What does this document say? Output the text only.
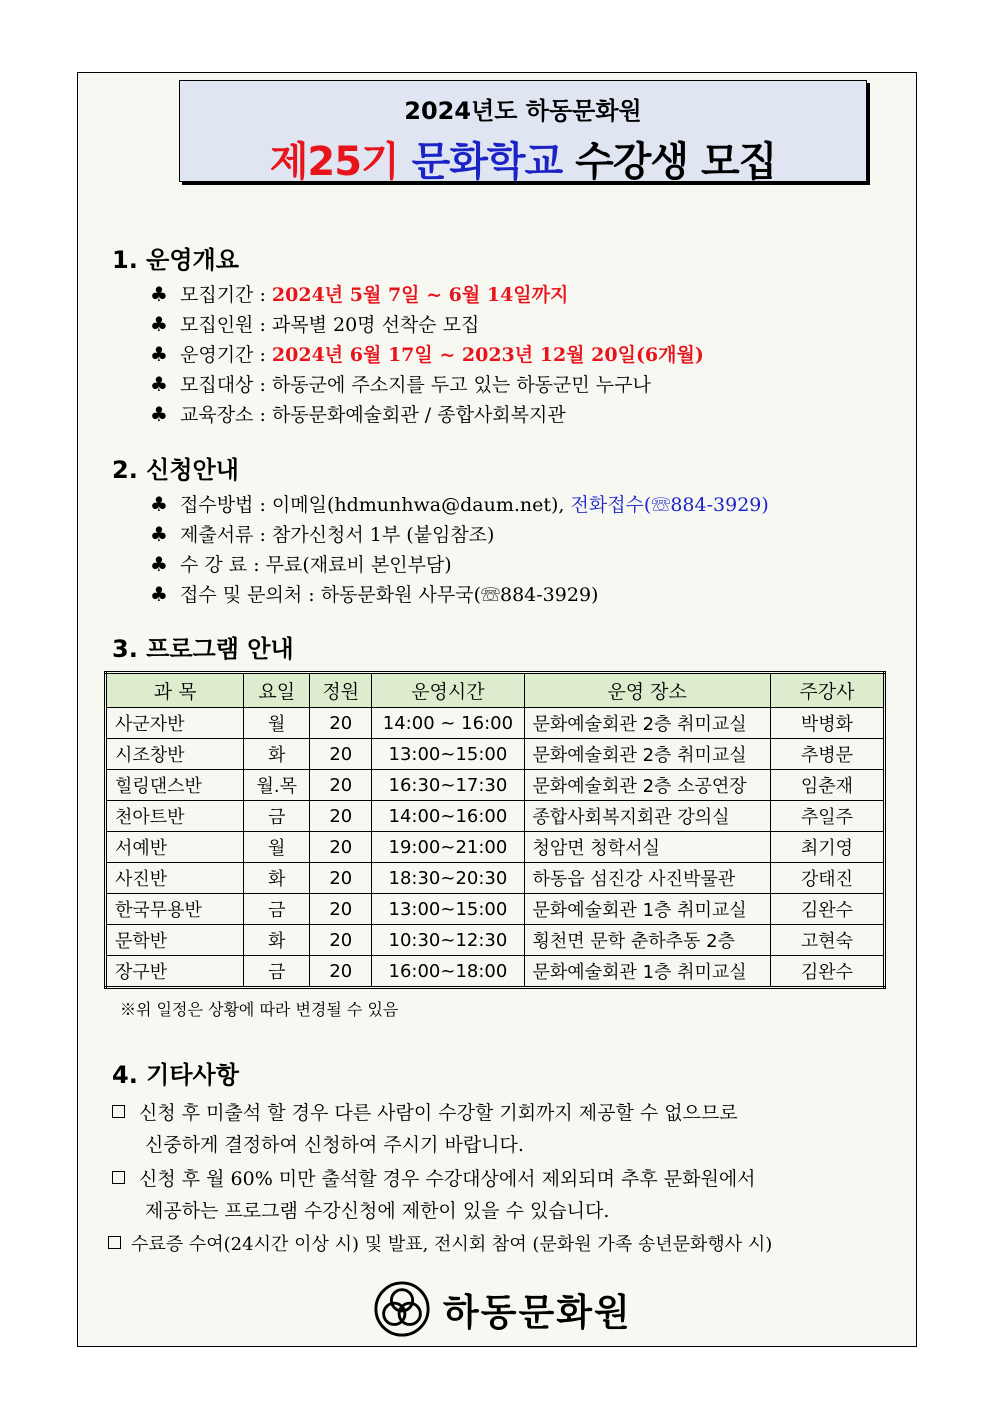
2024년도 하동문화원
제25기 문화학교 수강생 모집
1. 운영개요
♣ 모집기간 : 2024년 5월 7일 ~ 6월 14일까지
♣ 모집인원 : 과목별 20명 선착순 모집
♣ 운영기간 : 2024년 6월 17일 ~ 2023년 12월 20일(6개월)
♣ 모집대상 : 하동군에 주소지를 두고 있는 하동군민 누구나
♣ 교육장소 : 하동문화예술회관 / 종합사회복지관
2. 신청안내
♣ 접수방법 : 이메일(hdmunhwa@daum.net), 전화접수(☏884-3929)
♣ 제출서류 : 참가신청서 1부 (붙임참조)
♣ 수 강 료 : 무료(재료비 본인부담)
♣ 접수 및 문의처 : 하동문화원 사무국(☏884-3929)
3. 프로그램 안내
과 목	요일	정원	운영시간	운영 장소	주강사
사군자반	월	20	14:00 ~ 16:00	문화예술회관 2층 취미교실	박병화
시조창반	화	20	13:00~15:00	문화예술회관 2층 취미교실	추병문
힐링댄스반	월.목	20	16:30~17:30	문화예술회관 2층 소공연장	임춘재
천아트반	금	20	14:00~16:00	종합사회복지회관 강의실	추일주
서예반	월	20	19:00~21:00	청암면 청학서실	최기영
사진반	화	20	18:30~20:30	하동읍 섬진강 사진박물관	강태진
한국무용반	금	20	13:00~15:00	문화예술회관 1층 취미교실	김완수
문학반	화	20	10:30~12:30	횡천면 문학 춘하추동 2층	고현숙
장구반	금	20	16:00~18:00	문화예술회관 1층 취미교실	김완수
※위 일정은 상황에 따라 변경될 수 있음
4. 기타사항
신청 후 미출석 할 경우 다른 사람이 수강할 기회까지 제공할 수 없으므로
신중하게 결정하여 신청하여 주시기 바랍니다.
신청 후 월 60% 미만 출석할 경우 수강대상에서 제외되며 추후 문화원에서
제공하는 프로그램 수강신청에 제한이 있을 수 있습니다.
수료증 수여(24시간 이상 시) 및 발표, 전시회 참여 (문화원 가족 송년문화행사 시)
하동문화원
